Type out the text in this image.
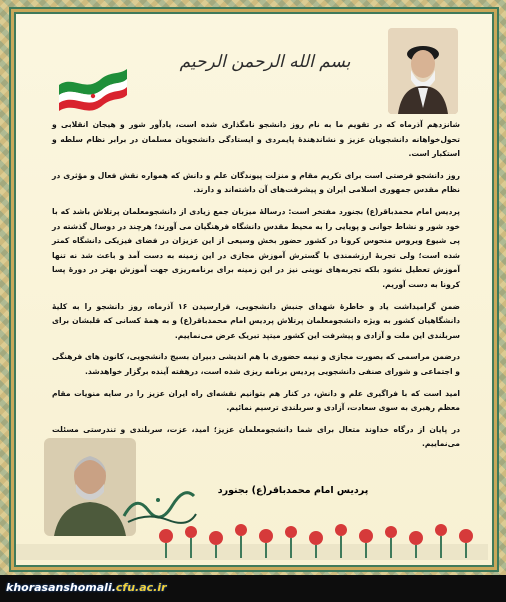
بسم الله الرحمن الرحيم

شانزدهم آذرماه که در تقویم ما به نام روز دانشجو نامگذاری شده است، یادآور شور و هیجان انقلابی و تحول‌خواهانه دانشجویان عزیز و نشاندهندهٔ پایمردی و ایستادگی دانشجویان مسلمان در برابر نظام سلطه و استکبار است.

روز دانشجو فرصتی است برای تکریم مقام و منزلت پیوندگان علم و دانش که همواره نقش فعال و مؤثری در نظام مقدس جمهوری اسلامی ایران و پیشرفت‌های آن داشته‌اند و دارند.

پردیس امام محمدباقر(ع) بجنورد مفتخر است: درسالهٔ میزبان جمع زیادی از دانشجومعلمان پرتلاش باشد که با خود شور و نشاط جوانی و پویایی را به محیط مقدس دانشگاه فرهنگیان می آورند؛ هرچند در دوسال گذشته در پی شیوع ویروس منحوس کرونا در کشور حضور بخش وسیعی از این عزیزان در فضای فیزیکی دانشگاه کمتر شده است؛ ولی تجربهٔ ارزشمندی با گسترش آموزش مجازی در این زمینه به دست آمد و باعث شد نه تنها آموزش تعطیل نشود بلکه تجربه‌های نوینی نیز در این زمینه برای برنامه‌ریزی جهت آموزش بهتر در دورهٔ پسا کرونا به دست آوریم.

ضمن گرامیداشت یاد و خاطرهٔ شهدای جنبش دانشجویی، فرارسیدن ۱۶ آذرماه، روز دانشجو را به کلیهٔ دانشگاهیان کشور به ویژه دانشجومعلمان پرتلاش پردیس امام محمدباقر(ع) و به همهٔ کسانی که قلبشان برای سربلندی این ملت و آزادی و پیشرفت این کشور میتپد تبریک عرض می‌نماییم.

درضمن مراسمی که بصورت مجازی و نیمه حضوری با هم اندیشی دبیران بسیج دانشجویی، کانون های فرهنگی و اجتماعی و شورای صنفی دانشجویی پردیس برنامه ریزی شده است، درهفته آینده برگزار خواهدشد.

امید است که با فراگیری علم و دانش، در کنار هم بتوانیم نقشه‌ای راه ایران عزیز را در سایه منویات مقام معظم رهبری به سوی سعادت، آزادی و سربلندی ترسیم نمائیم.

در پایان از درگاه خداوند متعال برای شما دانشجومعلمان عزیز؛ امید، عزت، سربلندی و تندرستی مسئلت می‌نماییم.

پردیس امام محمدباقر(ع) بجنورد
khorasanshomali.cfu.ac.ir
